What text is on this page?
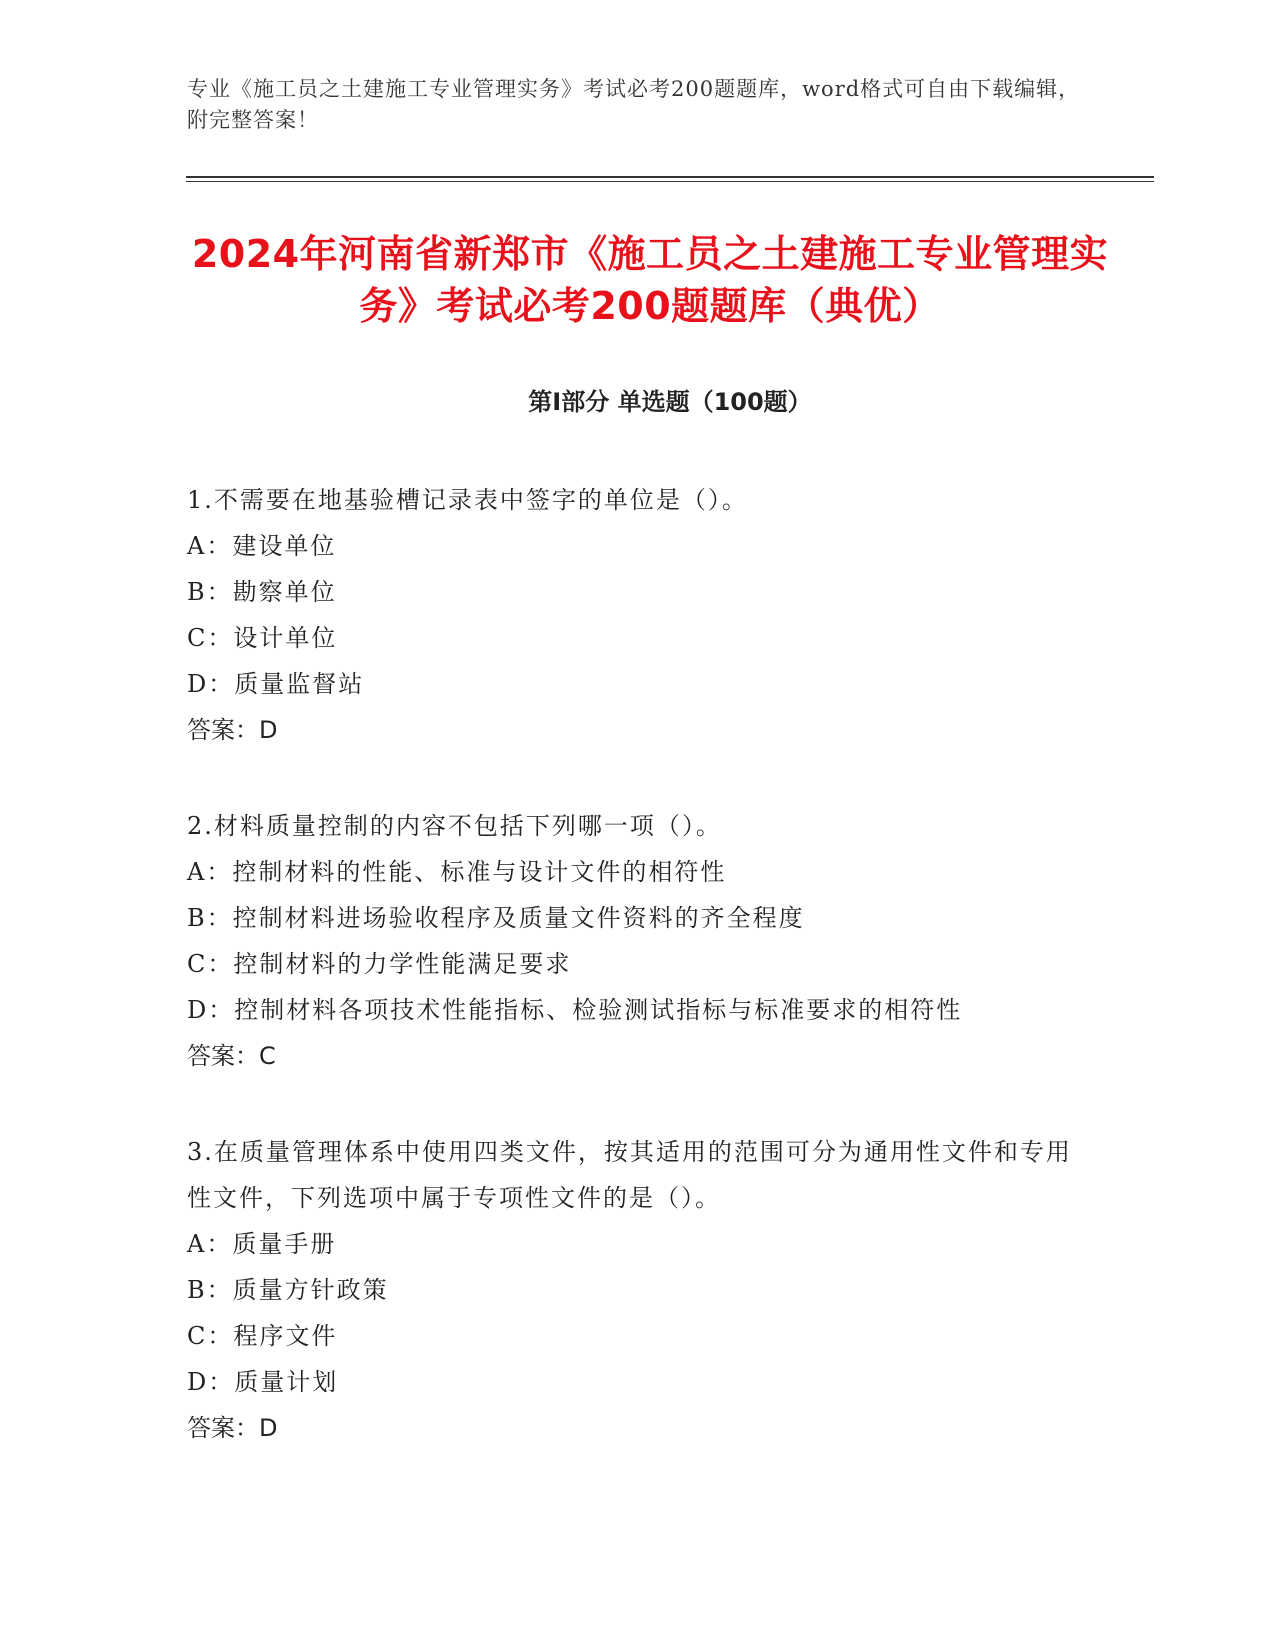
专业《施工员之土建施工专业管理实务》考试必考200题题库，word格式可自由下载编辑，附完整答案！
2024年河南省新郑市《施工员之土建施工专业管理实务》考试必考200题题库（典优）
第I部分 单选题（100题）
1.不需要在地基验槽记录表中签字的单位是（）。
A：建设单位
B：勘察单位
C：设计单位
D：质量监督站
答案：D
2.材料质量控制的内容不包括下列哪一项（）。
A：控制材料的性能、标准与设计文件的相符性
B：控制材料进场验收程序及质量文件资料的齐全程度
C：控制材料的力学性能满足要求
D：控制材料各项技术性能指标、检验测试指标与标准要求的相符性
答案：C
3.在质量管理体系中使用四类文件，按其适用的范围可分为通用性文件和专用性文件，下列选项中属于专项性文件的是（）。
A：质量手册
B：质量方针政策
C：程序文件
D：质量计划
答案：D
